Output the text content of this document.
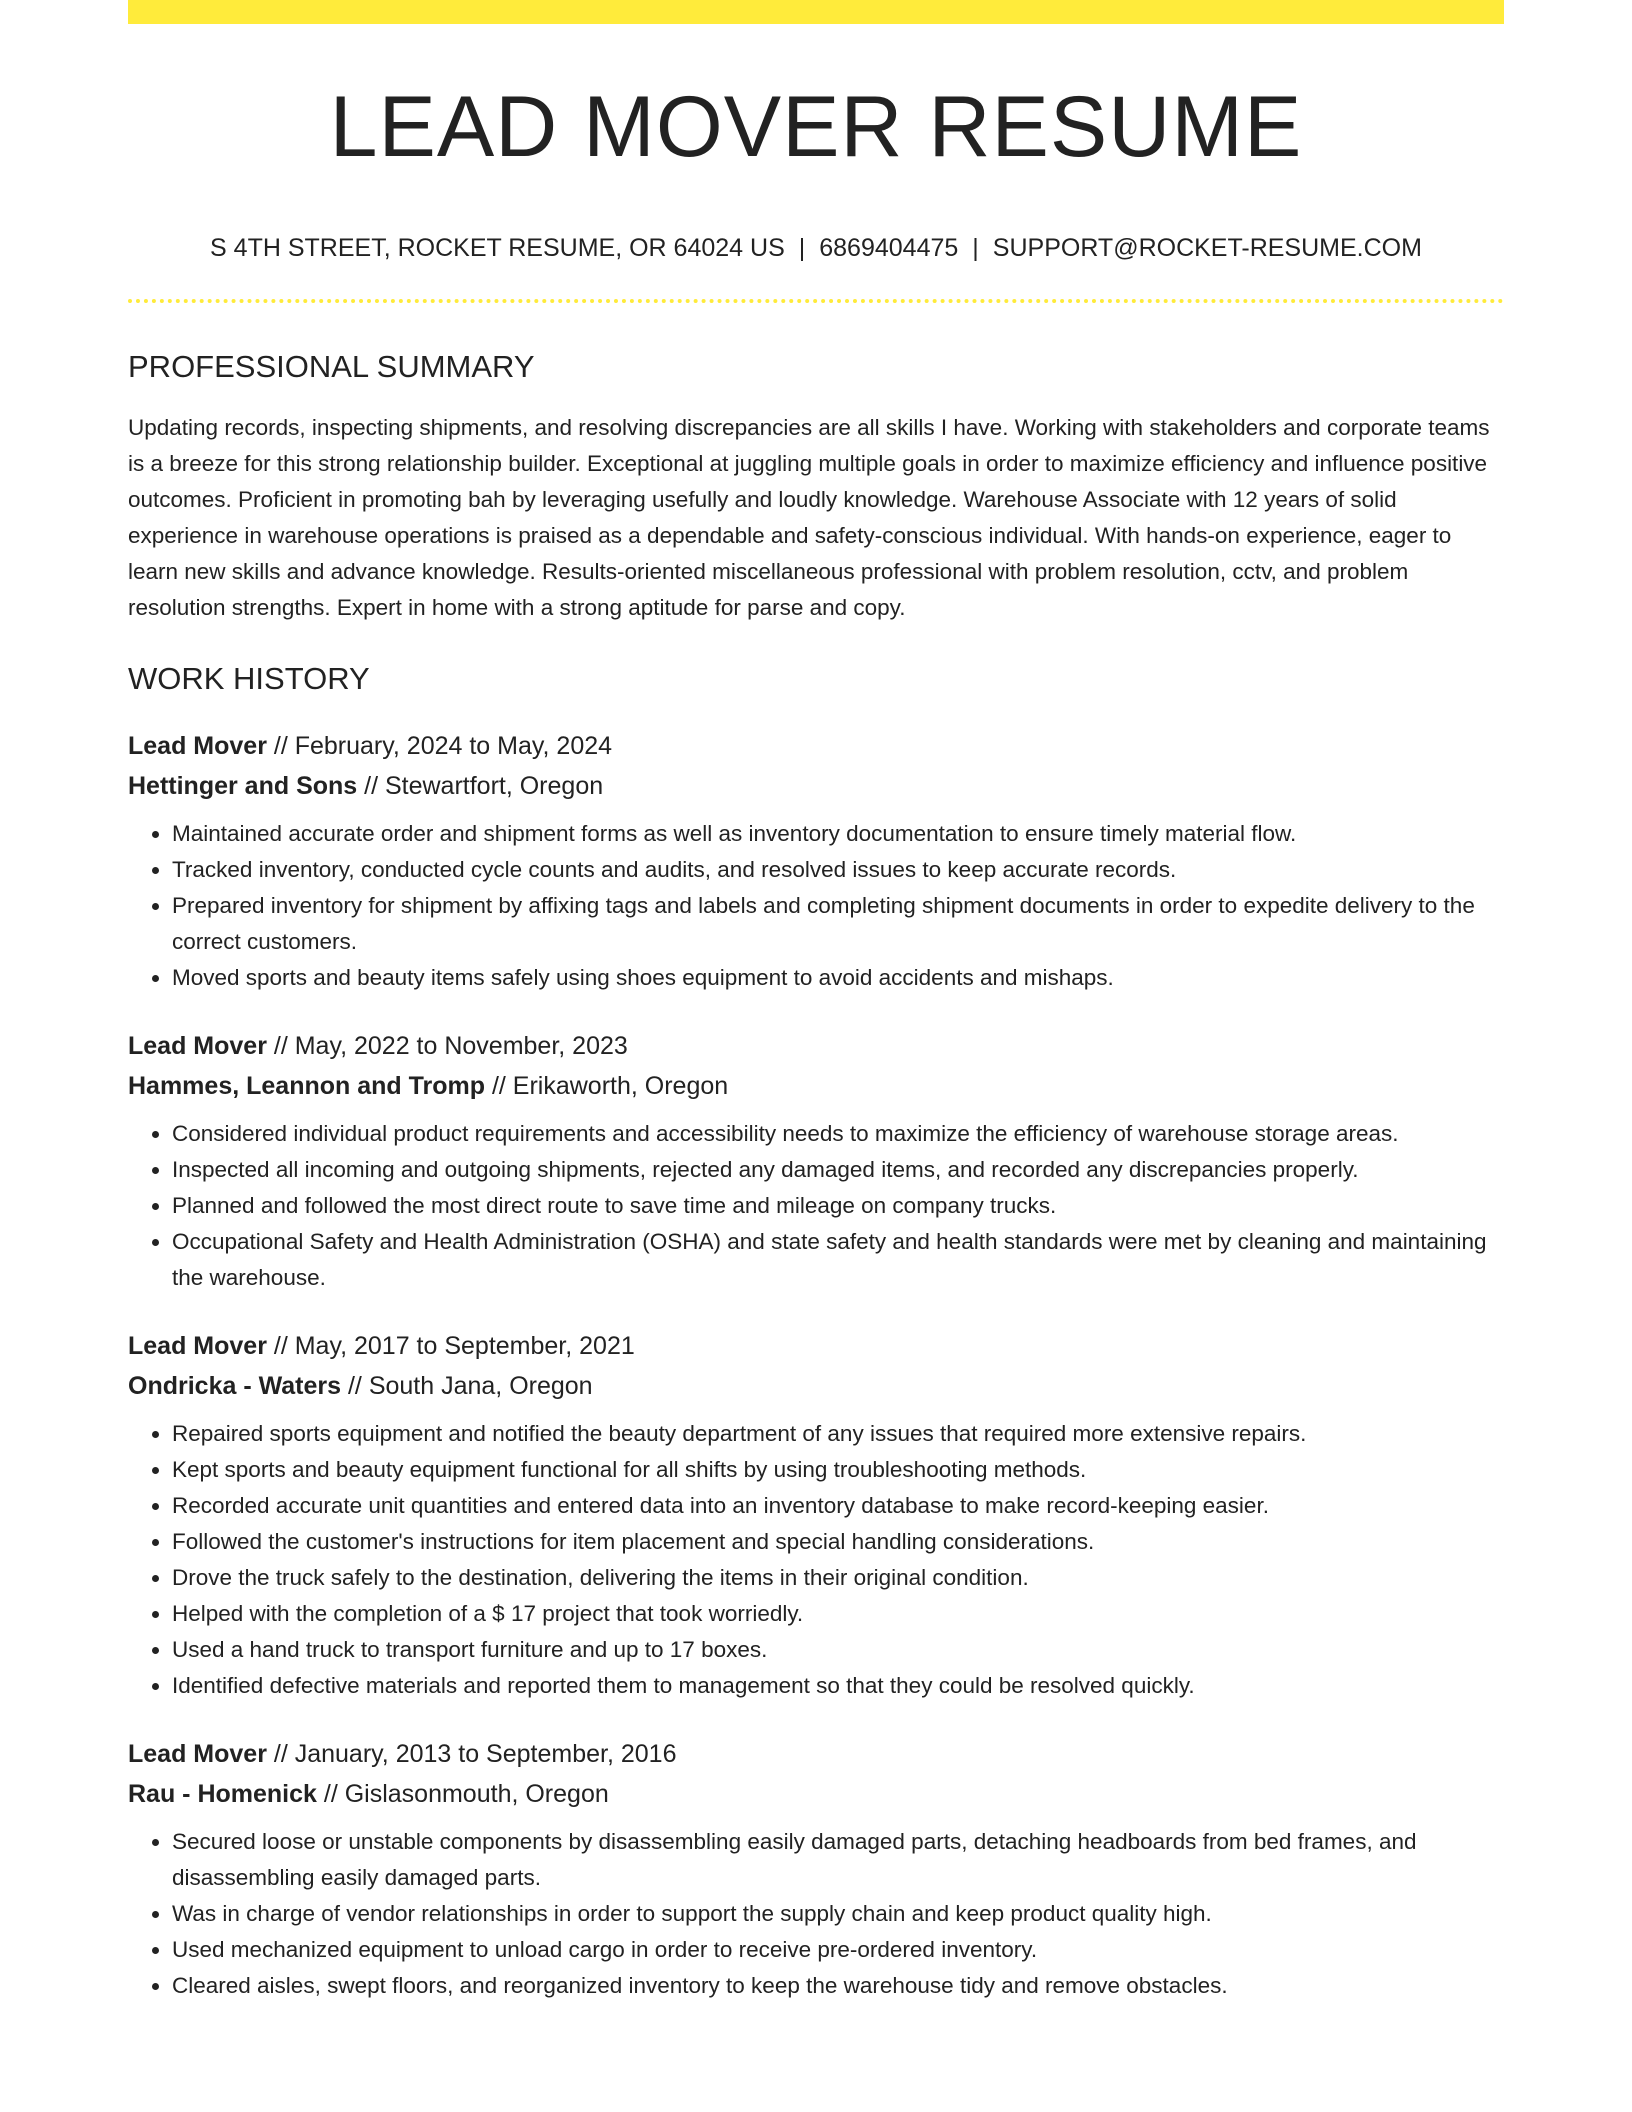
LEAD MOVER RESUME
S 4TH STREET, ROCKET RESUME, OR 64024 US | 6869404475 | SUPPORT@ROCKET-RESUME.COM
PROFESSIONAL SUMMARY

Updating records, inspecting shipments, and resolving discrepancies are all skills I have. Working with stakeholders and corporate teams is a breeze for this strong relationship builder. Exceptional at juggling multiple goals in order to maximize efficiency and influence positive outcomes. Proficient in promoting bah by leveraging usefully and loudly knowledge. Warehouse Associate with 12 years of solid experience in warehouse operations is praised as a dependable and safety-conscious individual. With hands-on experience, eager to learn new skills and advance knowledge. Results-oriented miscellaneous professional with problem resolution, cctv, and problem resolution strengths. Expert in home with a strong aptitude for parse and copy.

WORK HISTORY
Lead Mover // February, 2024 to May, 2024
Hettinger and Sons // Stewartfort, Oregon
• Maintained accurate order and shipment forms as well as inventory documentation to ensure timely material flow.
• Tracked inventory, conducted cycle counts and audits, and resolved issues to keep accurate records.
• Prepared inventory for shipment by affixing tags and labels and completing shipment documents in order to expedite delivery to the correct customers.
• Moved sports and beauty items safely using shoes equipment to avoid accidents and mishaps.
Lead Mover // May, 2022 to November, 2023
Hammes, Leannon and Tromp // Erikaworth, Oregon
• Considered individual product requirements and accessibility needs to maximize the efficiency of warehouse storage areas.
• Inspected all incoming and outgoing shipments, rejected any damaged items, and recorded any discrepancies properly.
• Planned and followed the most direct route to save time and mileage on company trucks.
• Occupational Safety and Health Administration (OSHA) and state safety and health standards were met by cleaning and maintaining the warehouse.
Lead Mover // May, 2017 to September, 2021
Ondricka - Waters // South Jana, Oregon
• Repaired sports equipment and notified the beauty department of any issues that required more extensive repairs.
• Kept sports and beauty equipment functional for all shifts by using troubleshooting methods.
• Recorded accurate unit quantities and entered data into an inventory database to make record-keeping easier.
• Followed the customer's instructions for item placement and special handling considerations.
• Drove the truck safely to the destination, delivering the items in their original condition.
• Helped with the completion of a $ 17 project that took worriedly.
• Used a hand truck to transport furniture and up to 17 boxes.
• Identified defective materials and reported them to management so that they could be resolved quickly.
Lead Mover // January, 2013 to September, 2016
Rau - Homenick // Gislasonmouth, Oregon
• Secured loose or unstable components by disassembling easily damaged parts, detaching headboards from bed frames, and disassembling easily damaged parts.
• Was in charge of vendor relationships in order to support the supply chain and keep product quality high.
• Used mechanized equipment to unload cargo in order to receive pre-ordered inventory.
• Cleared aisles, swept floors, and reorganized inventory to keep the warehouse tidy and remove obstacles.
